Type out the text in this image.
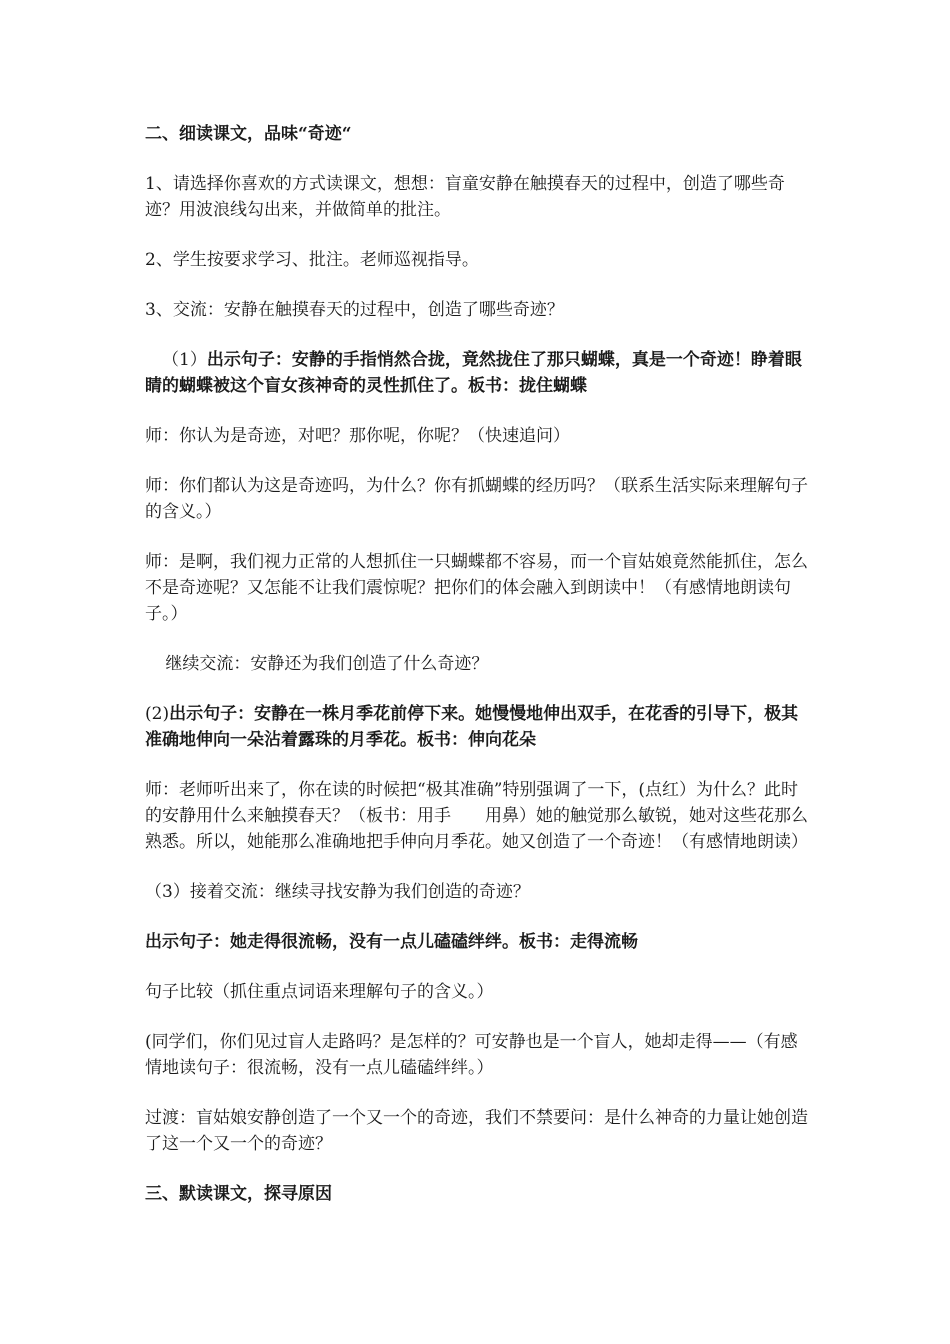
二、细读课文，品味“奇迹“

1、请选择你喜欢的方式读课文，想想：盲童安静在触摸春天的过程中，创造了哪些奇迹？用波浪线勾出来，并做简单的批注。

2、学生按要求学习、批注。老师巡视指导。

3、交流：安静在触摸春天的过程中，创造了哪些奇迹？

（1）出示句子：安静的手指悄然合拢，竟然拢住了那只蝴蝶，真是一个奇迹！睁着眼睛的蝴蝶被这个盲女孩神奇的灵性抓住了。板书：拢住蝴蝶

师：你认为是奇迹，对吧？那你呢，你呢？（快速追问）

师：你们都认为这是奇迹吗，为什么？你有抓蝴蝶的经历吗？（联系生活实际来理解句子的含义。）

师：是啊，我们视力正常的人想抓住一只蝴蝶都不容易，而一个盲姑娘竟然能抓住，怎么不是奇迹呢？又怎能不让我们震惊呢？把你们的体会融入到朗读中！（有感情地朗读句子。）

继续交流：安静还为我们创造了什么奇迹？

(2)出示句子：安静在一株月季花前停下来。她慢慢地伸出双手，在花香的引导下，极其准确地伸向一朵沾着露珠的月季花。板书：伸向花朵

师：老师听出来了，你在读的时候把“极其准确”特别强调了一下，(点红）为什么？此时的安静用什么来触摸春天？（板书：用手　　用鼻）她的触觉那么敏锐，她对这些花那么熟悉。所以，她能那么准确地把手伸向月季花。她又创造了一个奇迹！（有感情地朗读）

（3）接着交流：继续寻找安静为我们创造的奇迹？

出示句子：她走得很流畅，没有一点儿磕磕绊绊。板书：走得流畅

句子比较（抓住重点词语来理解句子的含义。）

(同学们，你们见过盲人走路吗？是怎样的？可安静也是一个盲人，她却走得——（有感情地读句子：很流畅，没有一点儿磕磕绊绊。）

过渡：盲姑娘安静创造了一个又一个的奇迹，我们不禁要问：是什么神奇的力量让她创造了这一个又一个的奇迹？

三、默读课文，探寻原因
